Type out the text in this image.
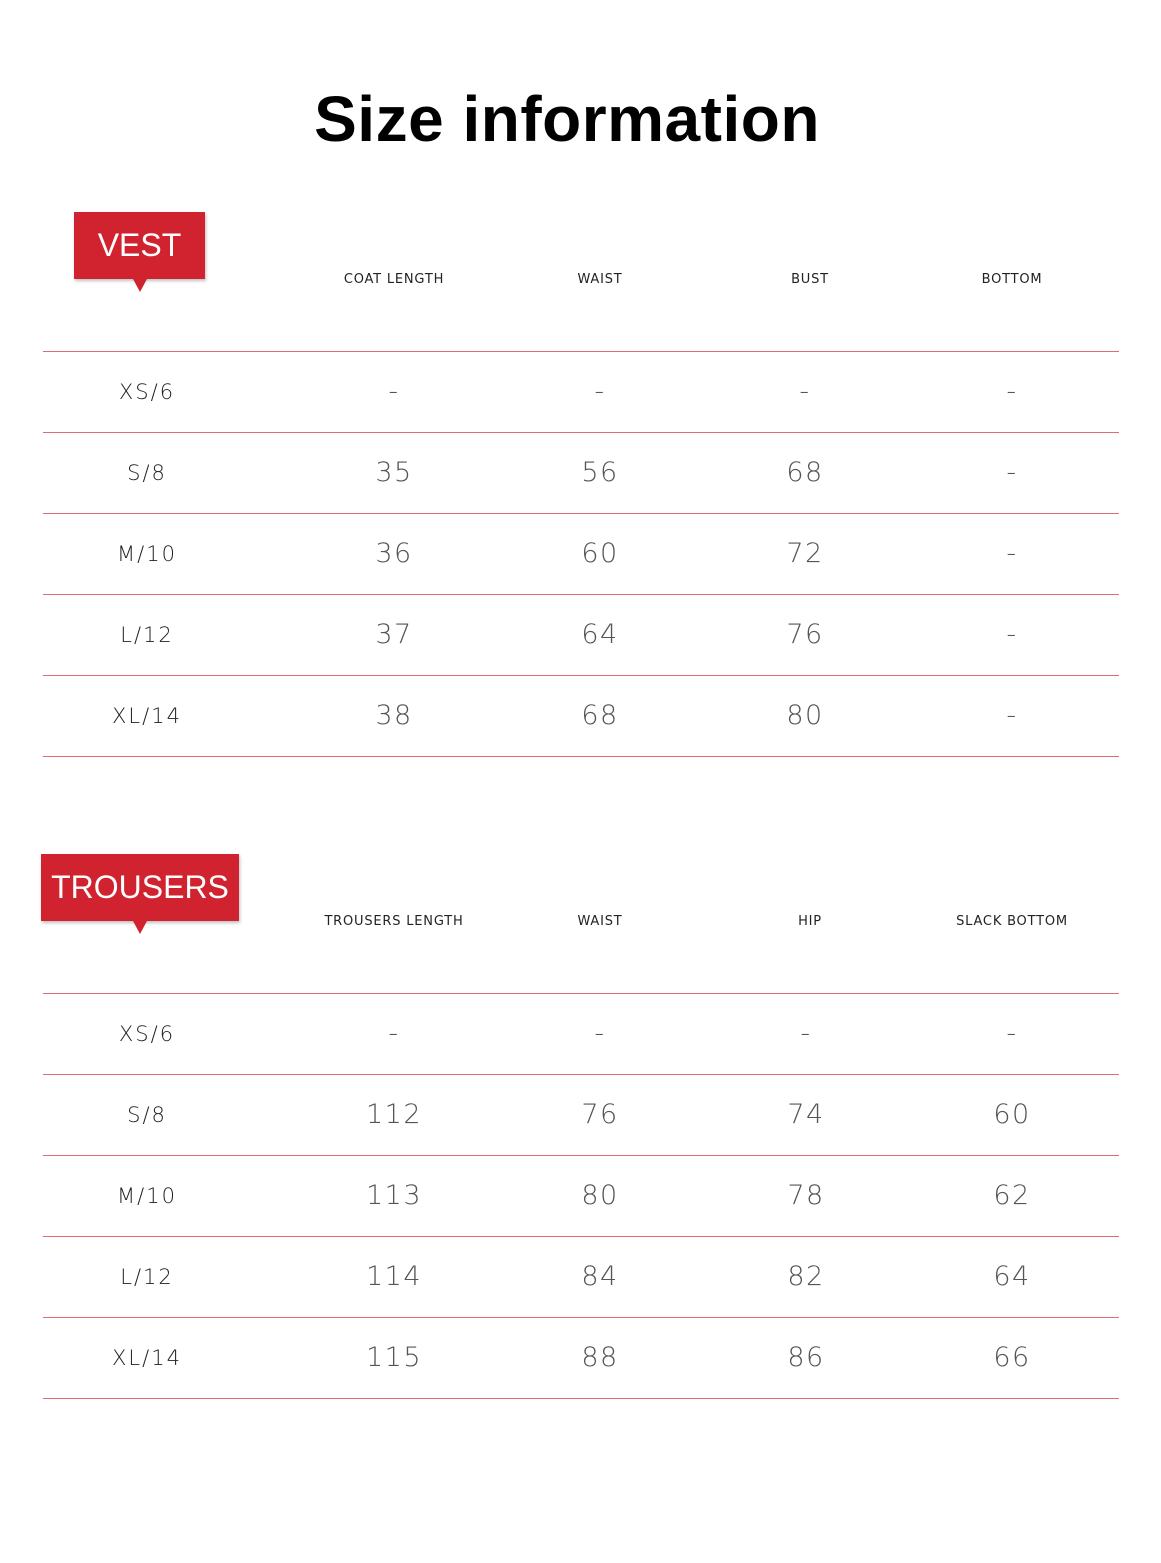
Size information
VEST
COAT LENGTH	WAIST	BUST	BOTTOM
XS/6	-	-	-	-
S/8	35	56	68	-
M/10	36	60	72	-
L/12	37	64	76	-
XL/14	38	68	80	-
TROUSERS
TROUSERS LENGTH	WAIST	HIP	SLACK BOTTOM
XS/6	-	-	-	-
S/8	112	76	74	60
M/10	113	80	78	62
L/12	114	84	82	64
XL/14	115	88	86	66
